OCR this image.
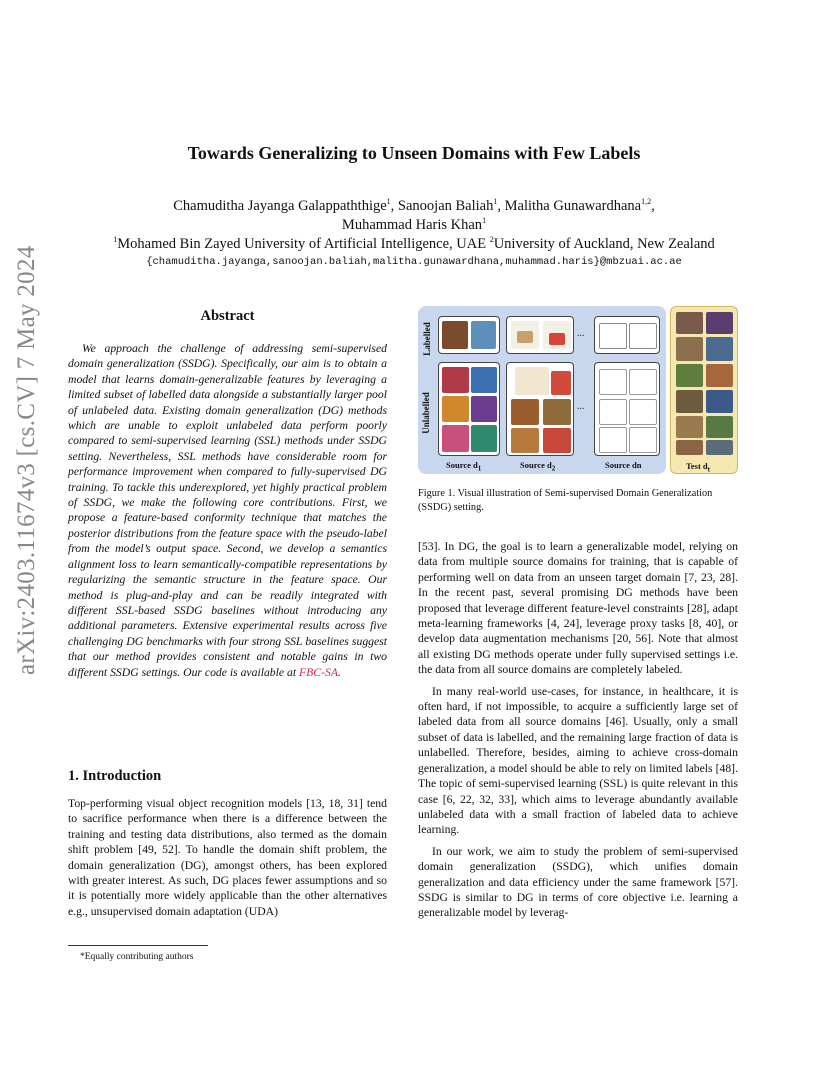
arXiv:2403.11674v3 [cs.CV] 7 May 2024
Towards Generalizing to Unseen Domains with Few Labels
Chamuditha Jayanga Galappaththige$^1$, Sanoojan Baliah$^1$, Malitha Gunawardhana$^{1,2}$,
Muhammad Haris Khan$^1$
$^1$Mohamed Bin Zayed University of Artificial Intelligence, UAE $^2$University of Auckland, New Zealand
{chamuditha.jayanga,sanoojan.baliah,malitha.gunawardhana,muhammad.haris}@mbzuai.ac.ae
Abstract

We approach the challenge of addressing semi-supervised domain generalization (SSDG). Specifically, our aim is to obtain a model that learns domain-generalizable features by leveraging a limited subset of labelled data alongside a substantially larger pool of unlabeled data. Existing domain generalization (DG) methods which are unable to exploit unlabeled data perform poorly compared to semi-supervised learning (SSL) methods under SSDG setting. Nevertheless, SSL methods have considerable room for performance improvement when compared to fully-supervised DG training. To tackle this underexplored, yet highly practical problem of SSDG, we make the following core contributions. First, we propose a feature-based conformity technique that matches the posterior distributions from the feature space with the pseudo-label from the model’s output space. Second, we develop a semantics alignment loss to learn semantically-compatible representations by regularizing the semantic structure in the feature space. Our method is plug-and-play and can be readily integrated with different SSL-based SSDG baselines without introducing any additional parameters. Extensive experimental results across five challenging DG benchmarks with four strong SSL baselines suggest that our method provides consistent and notable gains in two different SSDG settings. Our code is available at FBC-SA.

1. Introduction

Top-performing visual object recognition models [13, 18, 31] tend to sacrifice performance when there is a difference between the training and testing data distributions, also termed as the domain shift problem [49, 52]. To handle the domain shift problem, the domain generalization (DG), amongst others, has been explored with greater interest. As such, DG places fewer assumptions and so it is potentially more widely applicable than the other alternatives e.g., unsupervised domain adaptation (UDA)

*Equally contributing authors
Labelled
Unlabelled
...
...
Source $d_1$	Source $d_2$	Source dn	Test $d_t$
Figure 1. Visual illustration of Semi-supervised Domain Generalization (SSDG) setting.

[53]. In DG, the goal is to learn a generalizable model, relying on data from multiple source domains for training, that is capable of performing well on data from an unseen target domain [7, 23, 28]. In the recent past, several promising DG methods have been proposed that leverage different feature-level constraints [28], adapt meta-learning frameworks [4, 24], leverage proxy tasks [8, 40], or develop data augmentation mechanisms [20, 56]. Note that almost all existing DG methods operate under fully supervised settings i.e. the data from all source domains are completely labeled.

In many real-world use-cases, for instance, in healthcare, it is often hard, if not impossible, to acquire a sufficiently large set of labeled data from all source domains [46]. Usually, only a small subset of data is labelled, and the remaining large fraction of data is unlabelled. Therefore, besides, aiming to achieve cross-domain generalization, a model should be able to rely on limited labels [48]. The topic of semi-supervised learning (SSL) is quite relevant in this case [6, 22, 32, 33], which aims to leverage abundantly available unlabeled data with a small fraction of labeled data to achieve learning.

In our work, we aim to study the problem of semi-supervised domain generalization (SSDG), which unifies domain generalization and data efficiency under the same framework [57]. SSDG is similar to DG in terms of core objective i.e. learning a generalizable model by leverag-
